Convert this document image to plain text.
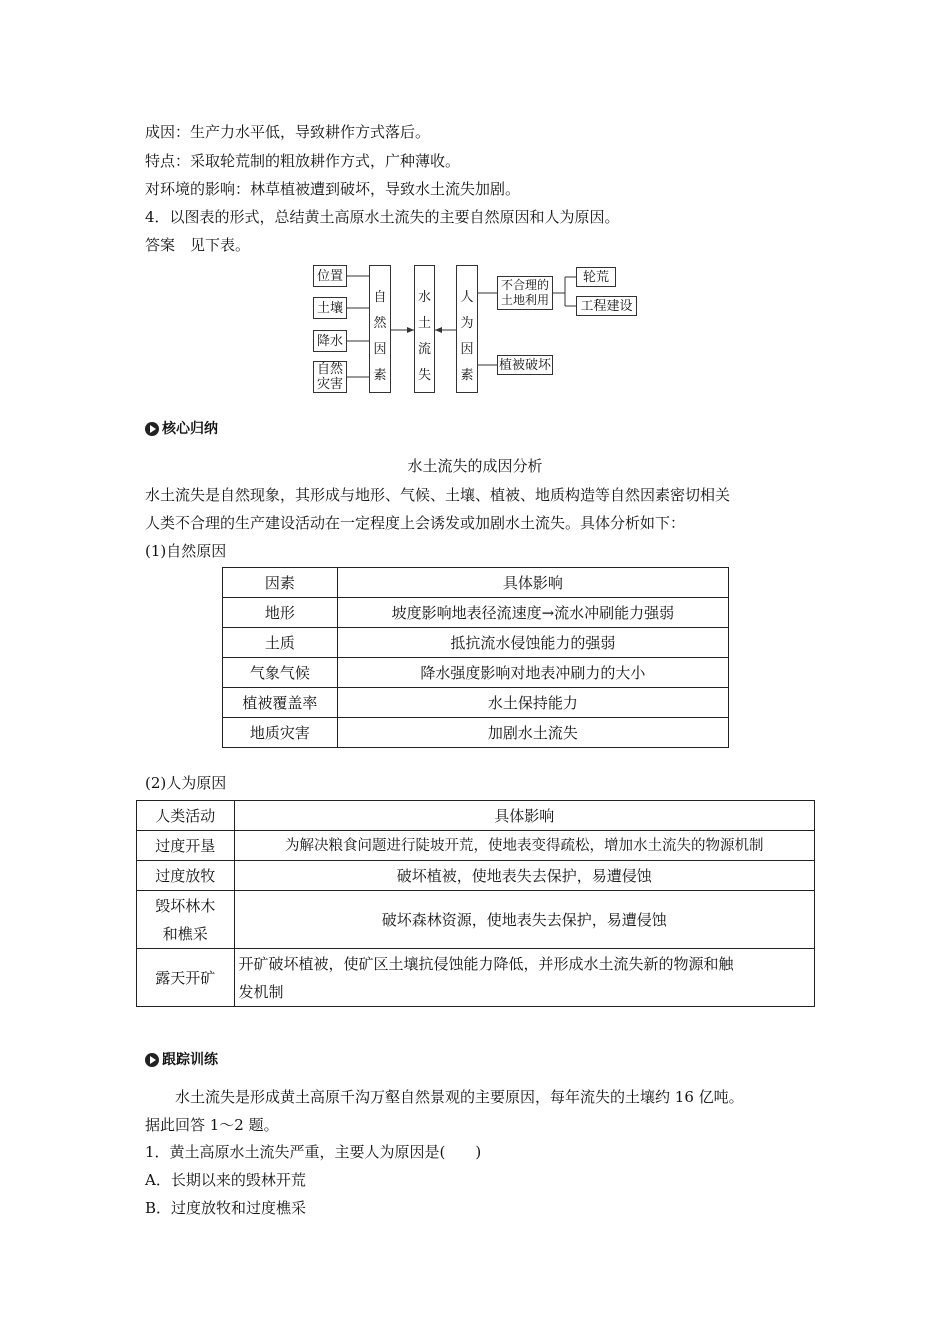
成因：生产力水平低，导致耕作方式落后。
特点：采取轮荒制的粗放耕作方式，广种薄收。
对环境的影响：林草植被遭到破坏，导致水土流失加剧。
4．以图表的形式，总结黄土高原水土流失的主要自然原因和人为原因。
答案　见下表。
位置
土壤
降水
自然
灾害
自
然
因
素
水
土
流
失
人
为
因
素
不合理的
土地利用
轮荒
工程建设
植被破坏
核心归纳
水土流失的成因分析
水土流失是自然现象，其形成与地形、气候、土壤、植被、地质构造等自然因素密切相关
人类不合理的生产建设活动在一定程度上会诱发或加剧水土流失。具体分析如下：
(1)自然原因
因素	具体影响
地形	坡度影响地表径流速度→流水冲刷能力强弱
土质	抵抗流水侵蚀能力的强弱
气象气候	降水强度影响对地表冲刷力的大小
植被覆盖率	水土保持能力
地质灾害	加剧水土流失
(2)人为原因
人类活动	具体影响
过度开垦	为解决粮食问题进行陡坡开荒，使地表变得疏松，增加水土流失的物源机制
过度放牧	破坏植被，使地表失去保护，易遭侵蚀
毁坏林木
和樵采	破坏森林资源，使地表失去保护，易遭侵蚀
露天开矿	开矿破坏植被，使矿区土壤抗侵蚀能力降低，并形成水土流失新的物源和触
发机制
跟踪训练
水土流失是形成黄土高原千沟万壑自然景观的主要原因，每年流失的土壤约 16 亿吨。
据此回答 1～2 题。
1．黄土高原水土流失严重，主要人为原因是(　　)
A．长期以来的毁林开荒
B．过度放牧和过度樵采
